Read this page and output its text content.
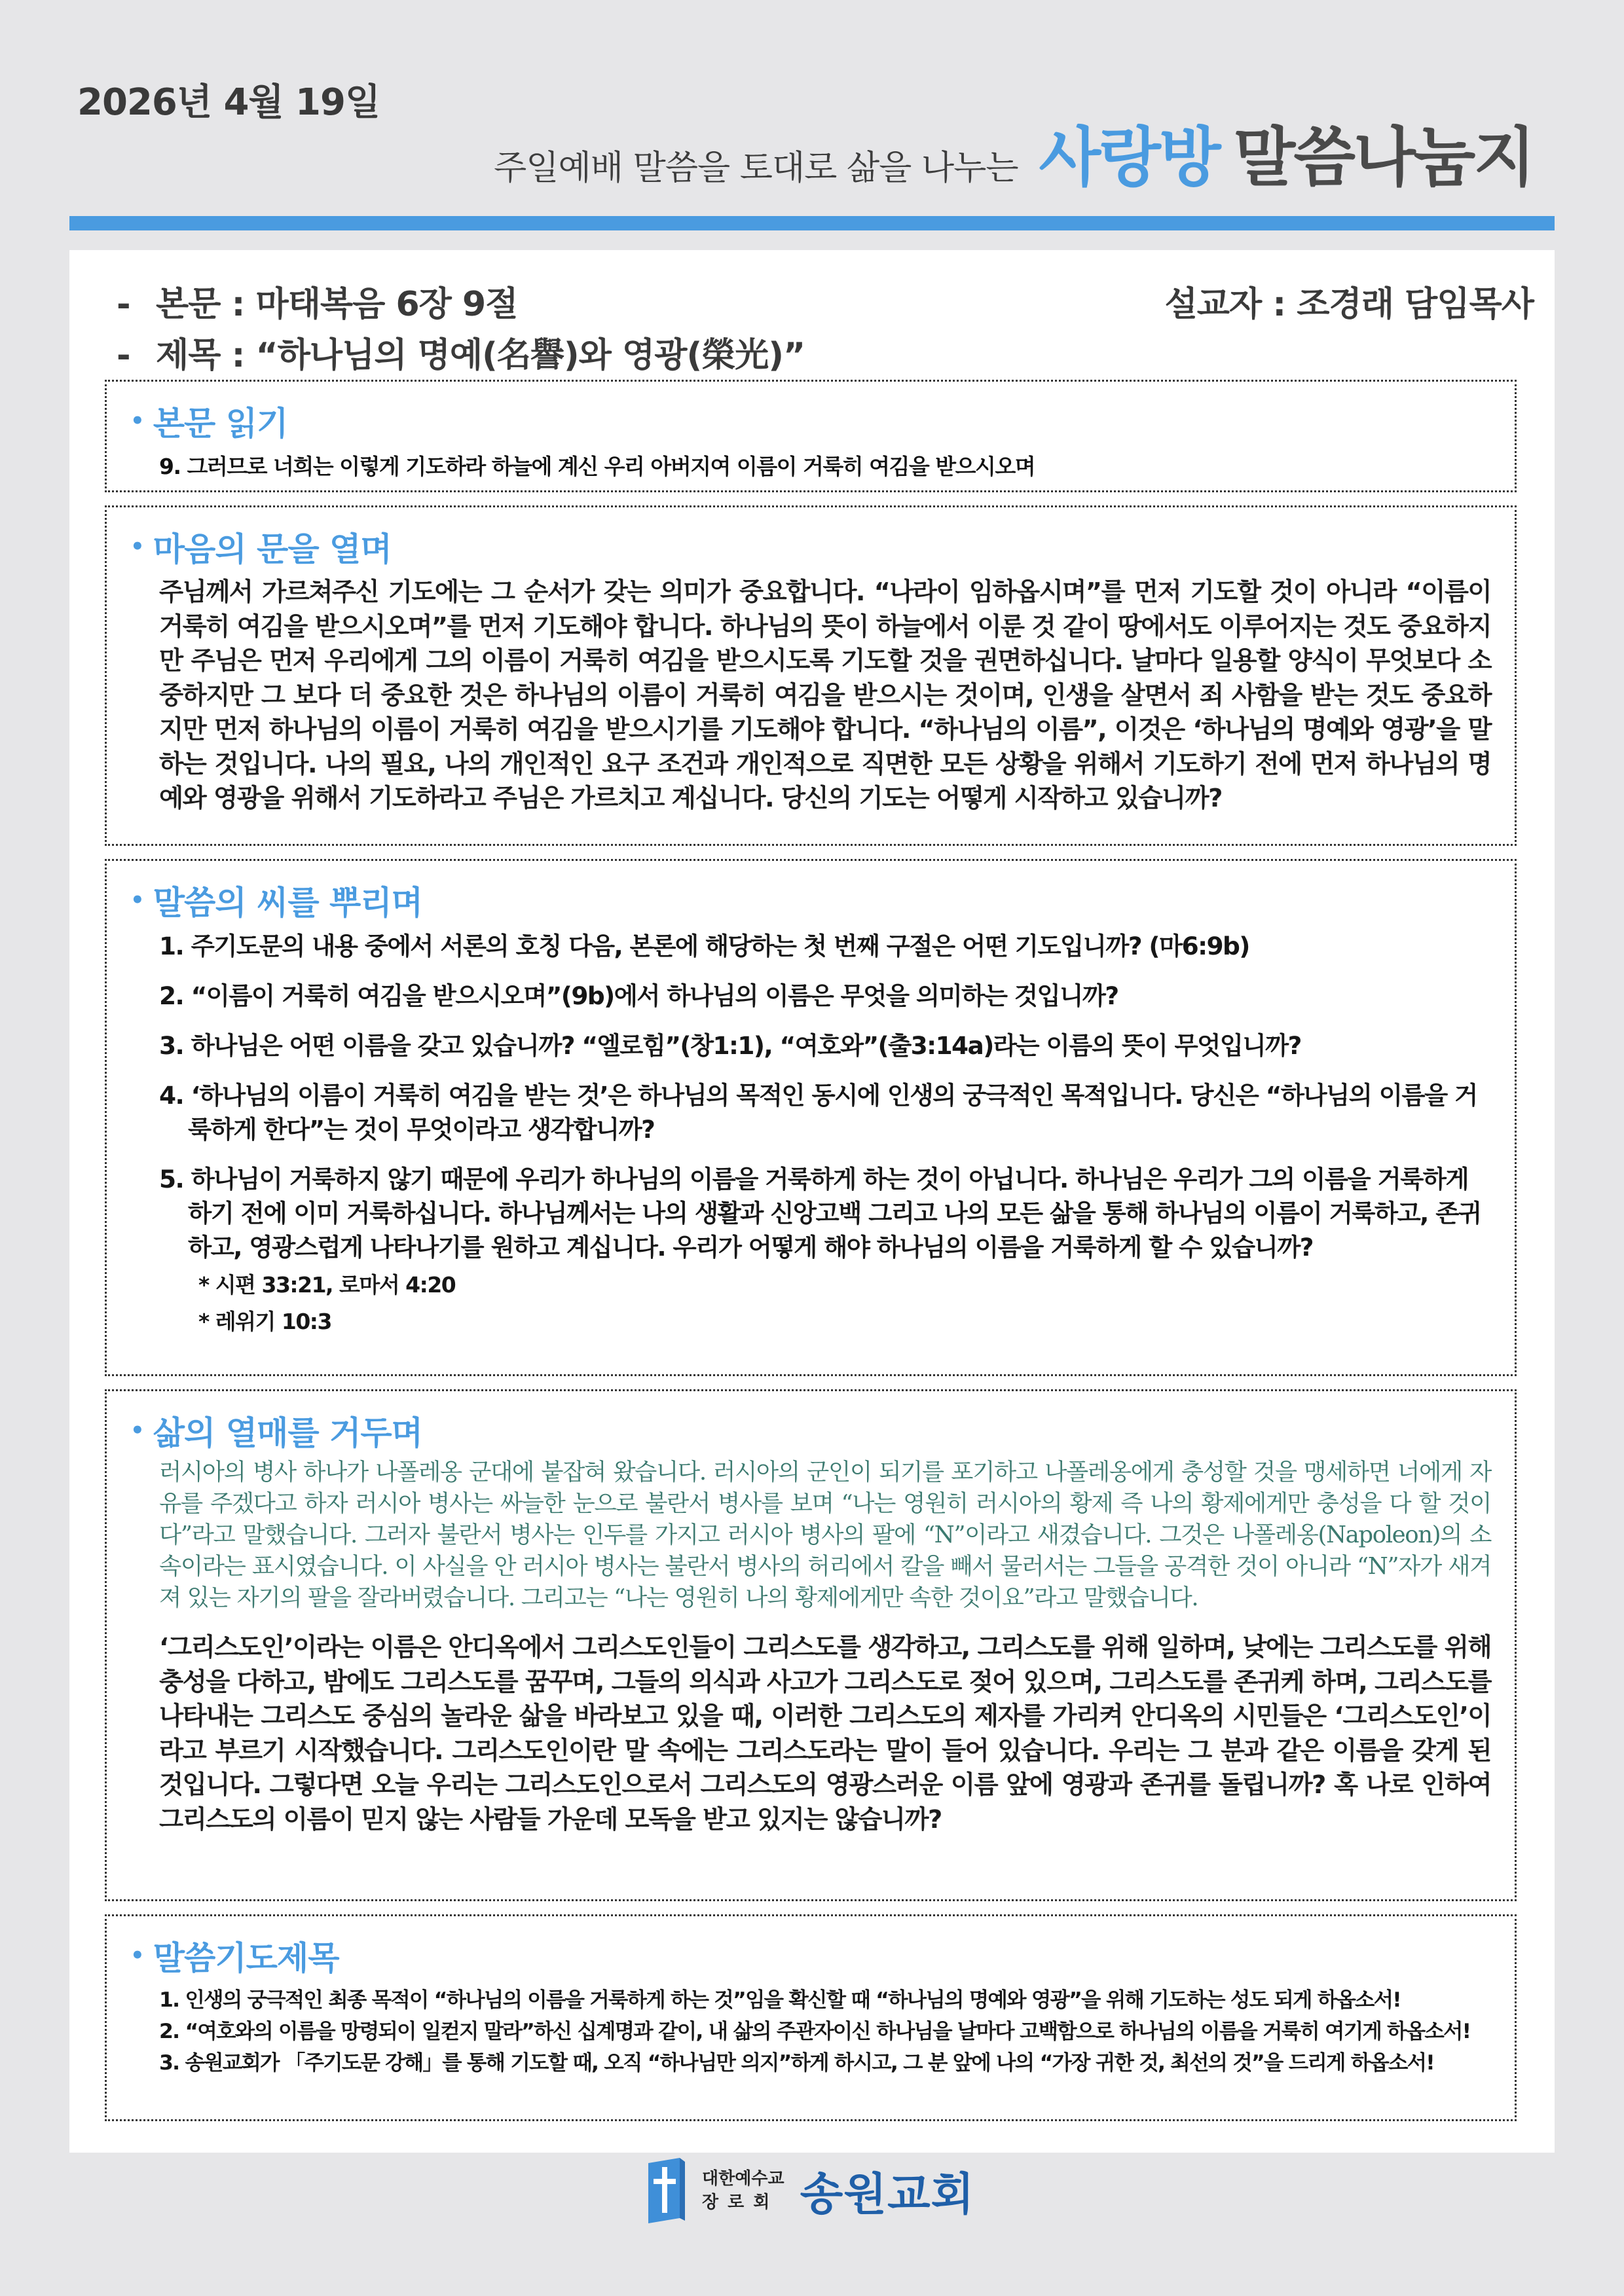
2026년 4월 19일
주일예배 말씀을 토대로 삶을 나누는 사랑방 말씀나눔지
- 본문 : 마태복음 6장 9절	설교자 : 조경래 담임목사
- 제목 : “하나님의 명예(名譽)와 영광(榮光)”
• 본문 읽기
9. 그러므로 너희는 이렇게 기도하라 하늘에 계신 우리 아버지여 이름이 거룩히 여김을 받으시오며
• 마음의 문을 열며
주님께서 가르쳐주신 기도에는 그 순서가 갖는 의미가 중요합니다. “나라이 임하옵시며”를 먼저 기도할 것이 아니라 “이름이 거룩히 여김을 받으시오며”를 먼저 기도해야 합니다. 하나님의 뜻이 하늘에서 이룬 것 같이 땅에서도 이루어지는 것도 중요하지만 주님은 먼저 우리에게 그의 이름이 거룩히 여김을 받으시도록 기도할 것을 권면하십니다. 날마다 일용할 양식이 무엇보다 소중하지만 그 보다 더 중요한 것은 하나님의 이름이 거룩히 여김을 받으시는 것이며, 인생을 살면서 죄 사함을 받는 것도 중요하지만 먼저 하나님의 이름이 거룩히 여김을 받으시기를 기도해야 합니다. “하나님의 이름”, 이것은 ‘하나님의 명예와 영광’을 말하는 것입니다. 나의 필요, 나의 개인적인 요구 조건과 개인적으로 직면한 모든 상황을 위해서 기도하기 전에 먼저 하나님의 명예와 영광을 위해서 기도하라고 주님은 가르치고 계십니다. 당신의 기도는 어떻게 시작하고 있습니까?
• 말씀의 씨를 뿌리며
1. 주기도문의 내용 중에서 서론의 호칭 다음, 본론에 해당하는 첫 번째 구절은 어떤 기도입니까? (마6:9b)
2. “이름이 거룩히 여김을 받으시오며”(9b)에서 하나님의 이름은 무엇을 의미하는 것입니까?
3. 하나님은 어떤 이름을 갖고 있습니까? “엘로힘”(창1:1), “여호와”(출3:14a)라는 이름의 뜻이 무엇입니까?
4. ‘하나님의 이름이 거룩히 여김을 받는 것’은 하나님의 목적인 동시에 인생의 궁극적인 목적입니다. 당신은 “하나님의 이름을 거룩하게 한다”는 것이 무엇이라고 생각합니까?
5. 하나님이 거룩하지 않기 때문에 우리가 하나님의 이름을 거룩하게 하는 것이 아닙니다. 하나님은 우리가 그의 이름을 거룩하게 하기 전에 이미 거룩하십니다. 하나님께서는 나의 생활과 신앙고백 그리고 나의 모든 삶을 통해 하나님의 이름이 거룩하고, 존귀하고, 영광스럽게 나타나기를 원하고 계십니다. 우리가 어떻게 해야 하나님의 이름을 거룩하게 할 수 있습니까?
* 시편 33:21, 로마서 4:20
* 레위기 10:3
• 삶의 열매를 거두며
러시아의 병사 하나가 나폴레옹 군대에 붙잡혀 왔습니다. 러시아의 군인이 되기를 포기하고 나폴레옹에게 충성할 것을 맹세하면 너에게 자유를 주겠다고 하자 러시아 병사는 싸늘한 눈으로 불란서 병사를 보며 “나는 영원히 러시아의 황제 즉 나의 황제에게만 충성을 다 할 것이다”라고 말했습니다. 그러자 불란서 병사는 인두를 가지고 러시아 병사의 팔에 “N”이라고 새겼습니다. 그것은 나폴레옹(Napoleon)의 소속이라는 표시였습니다. 이 사실을 안 러시아 병사는 불란서 병사의 허리에서 칼을 빼서 물러서는 그들을 공격한 것이 아니라 “N”자가 새겨져 있는 자기의 팔을 잘라버렸습니다. 그리고는 “나는 영원히 나의 황제에게만 속한 것이요”라고 말했습니다.
‘그리스도인’이라는 이름은 안디옥에서 그리스도인들이 그리스도를 생각하고, 그리스도를 위해 일하며, 낮에는 그리스도를 위해 충성을 다하고, 밤에도 그리스도를 꿈꾸며, 그들의 의식과 사고가 그리스도로 젖어 있으며, 그리스도를 존귀케 하며, 그리스도를 나타내는 그리스도 중심의 놀라운 삶을 바라보고 있을 때, 이러한 그리스도의 제자를 가리켜 안디옥의 시민들은 ‘그리스도인’이라고 부르기 시작했습니다. 그리스도인이란 말 속에는 그리스도라는 말이 들어 있습니다. 우리는 그 분과 같은 이름을 갖게 된 것입니다. 그렇다면 오늘 우리는 그리스도인으로서 그리스도의 영광스러운 이름 앞에 영광과 존귀를 돌립니까? 혹 나로 인하여 그리스도의 이름이 믿지 않는 사람들 가운데 모독을 받고 있지는 않습니까?
• 말씀기도제목
1. 인생의 궁극적인 최종 목적이 “하나님의 이름을 거룩하게 하는 것”임을 확신할 때 “하나님의 명예와 영광”을 위해 기도하는 성도 되게 하옵소서!
2. “여호와의 이름을 망령되이 일컫지 말라”하신 십계명과 같이, 내 삶의 주관자이신 하나님을 날마다 고백함으로 하나님의 이름을 거룩히 여기게 하옵소서!
3. 송원교회가 「주기도문 강해」를 통해 기도할 때, 오직 “하나님만 의지”하게 하시고, 그 분 앞에 나의 “가장 귀한 것, 최선의 것”을 드리게 하옵소서!
대한예수교
장로회 송원교회
